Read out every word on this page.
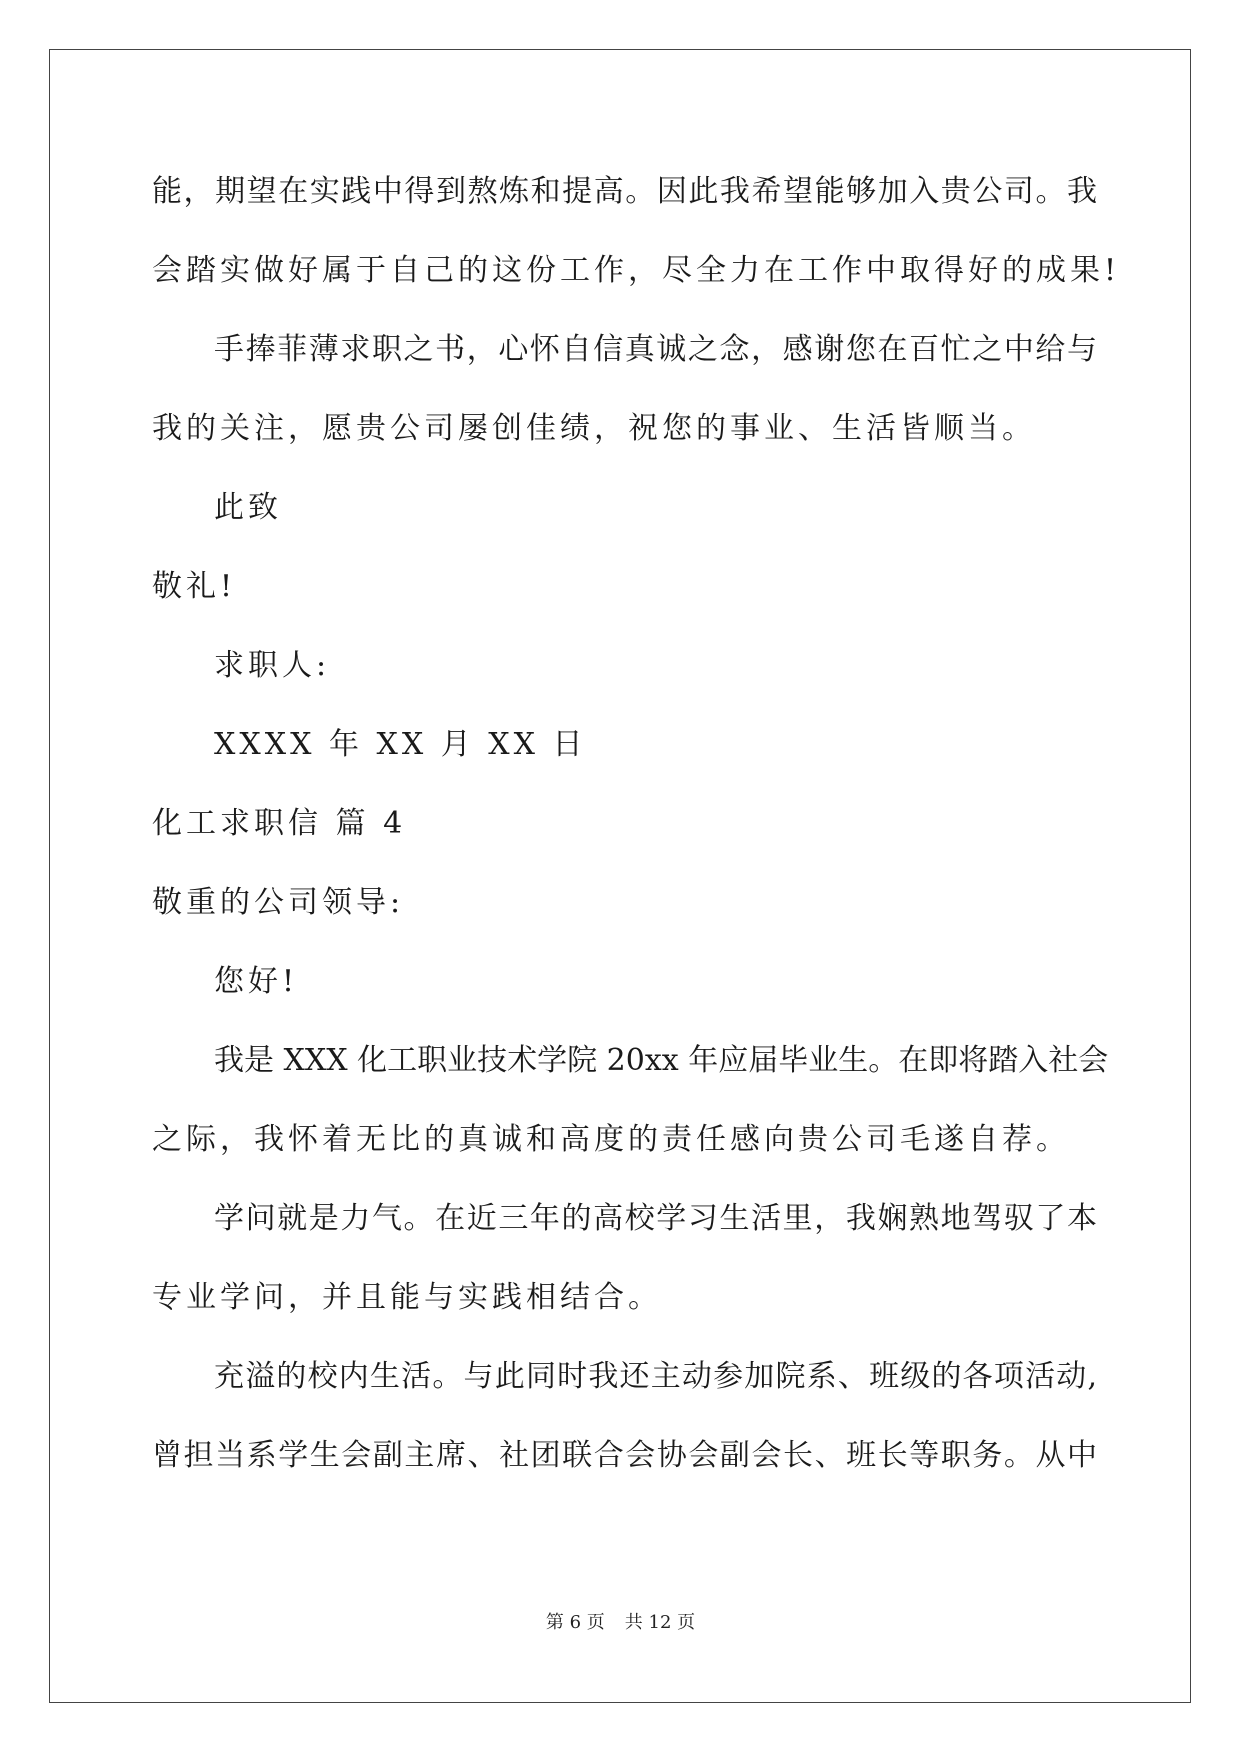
能，期望在实践中得到熬炼和提高。因此我希望能够加入贵公司。我

会踏实做好属于自己的这份工作，尽全力在工作中取得好的成果!

手捧菲薄求职之书，心怀自信真诚之念，感谢您在百忙之中给与

我的关注，愿贵公司屡创佳绩，祝您的事业、生活皆顺当。

此致

敬礼!

求职人:

XXXX 年 XX 月 XX 日

化工求职信 篇 4

敬重的公司领导:

您好!

我是 XXX 化工职业技术学院 20xx 年应届毕业生。在即将踏入社会

之际，我怀着无比的真诚和高度的责任感向贵公司毛遂自荐。

学问就是力气。在近三年的高校学习生活里，我娴熟地驾驭了本

专业学问，并且能与实践相结合。

充溢的校内生活。与此同时我还主动参加院系、班级的各项活动,

曾担当系学生会副主席、社团联合会协会副会长、班长等职务。从中

第 6 页 共 12 页
